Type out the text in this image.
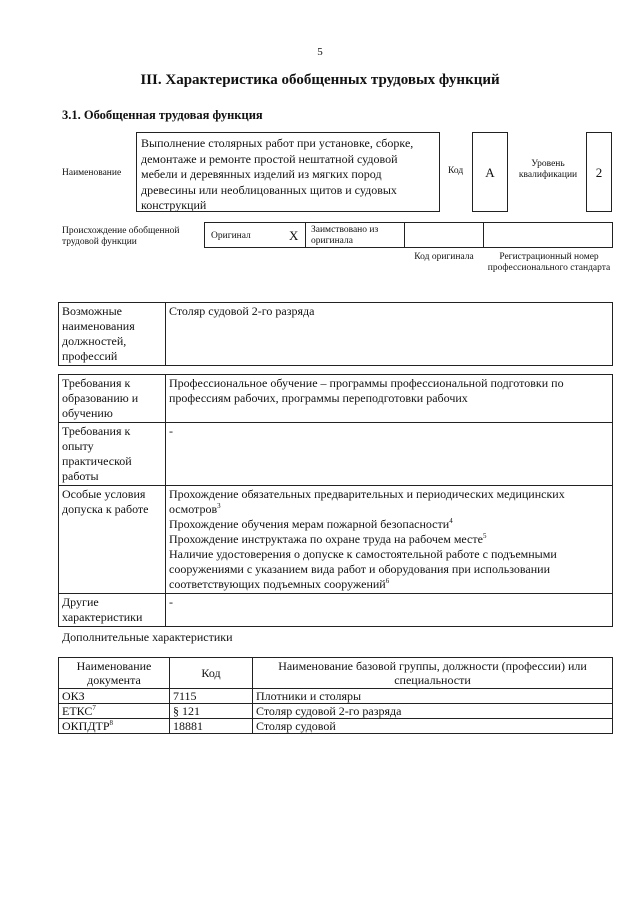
5
III. Характеристика обобщенных трудовых функций
3.1. Обобщенная трудовая функция
Наименование
Выполнение столярных работ при установке, сборке, демонтаже и ремонте простой нештатной судовой мебели и деревянных изделий из мягких пород древесины или необлицованных щитов и судовых конструкций
Код	А
Уровень квалификации	2
Происхождение обобщенной трудовой функции
Оригинал	X Заимствовано из оригинала
Код оригинала	Регистрационный номер профессионального стандарта
Возможные наименования должностей, профессий	Столяр судовой 2-го разряда
Требования к образованию и обучению	Профессиональное обучение – программы профессиональной подготовки по профессиям рабочих, программы переподготовки рабочих
Требования к опыту практической работы	-
Особые условия допуска к работе	Прохождение обязательных предварительных и периодических медицинских осмотров$^3$
Прохождение обучения мерам пожарной безопасности$^4$
Прохождение инструктажа по охране труда на рабочем месте$^5$
Наличие удостоверения о допуске к самостоятельной работе с подъемными сооружениями с указанием вида работ и оборудования при использовании соответствующих подъемных сооружений$^6$

Другие характеристики	-
Дополнительные характеристики
Наименование документа	Код	Наименование базовой группы, должности (профессии) или специальности
ОКЗ	7115	Плотники и столяры
ЕТКС$^7$	§ 121	Столяр судовой 2-го разряда
ОКПДТР$^8$	18881	Столяр судовой
